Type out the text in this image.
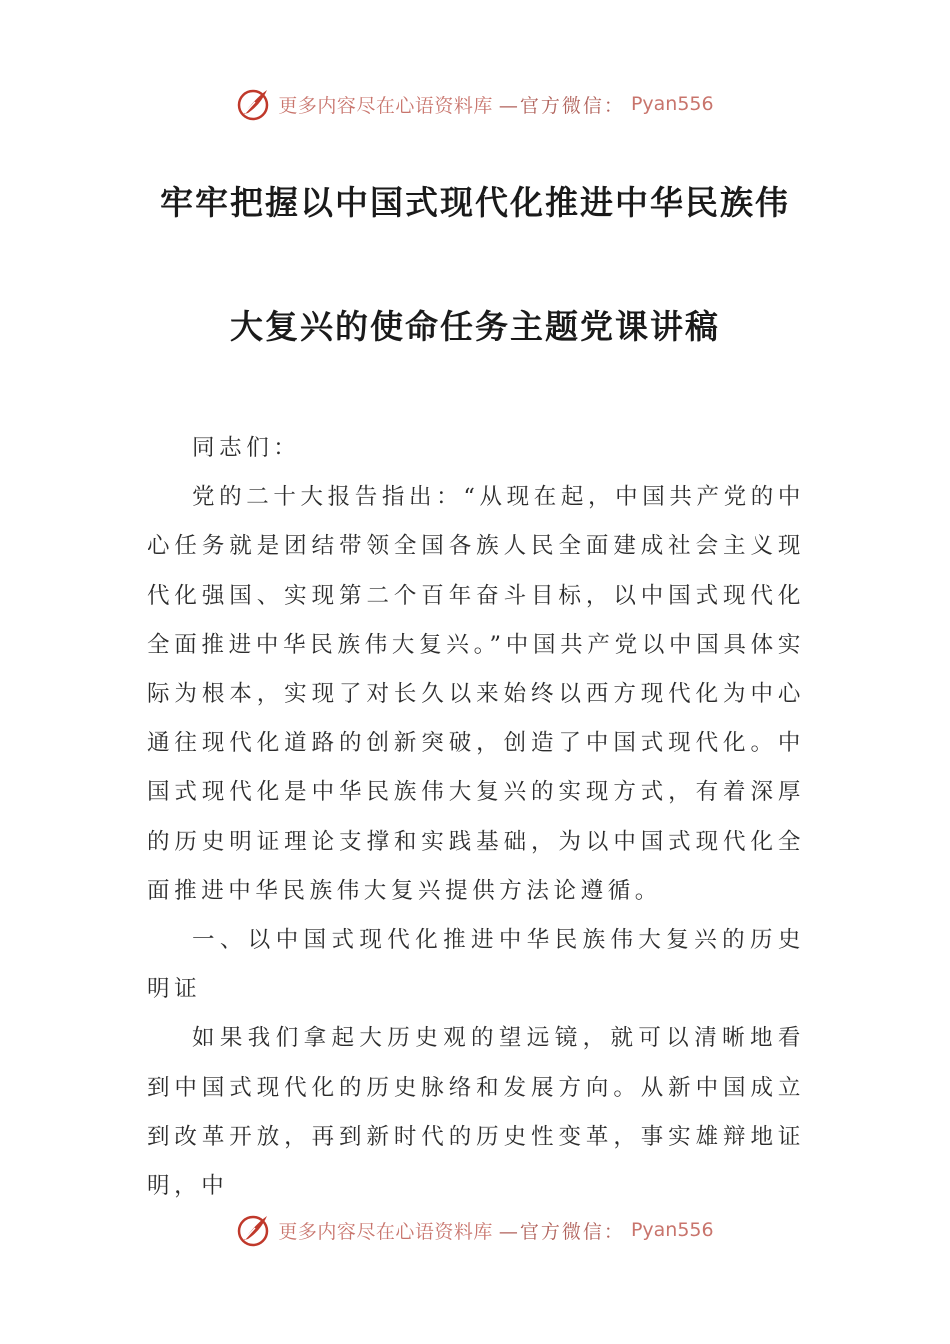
更多内容尽在心语资料库 —官方微信： Pyan556
牢牢把握以中国式现代化推进中华民族伟
大复兴的使命任务主题党课讲稿

同志们：

党的二十大报告指出：“从现在起，中国共产党的中心任务就是团结带领全国各族人民全面建成社会主义现代化强国、实现第二个百年奋斗目标，以中国式现代化全面推进中华民族伟大复兴。”中国共产党以中国具体实际为根本，实现了对长久以来始终以西方现代化为中心通往现代化道路的创新突破，创造了中国式现代化。中国式现代化是中华民族伟大复兴的实现方式，有着深厚的历史明证理论支撑和实践基础，为以中国式现代化全面推进中华民族伟大复兴提供方法论遵循。

一、以中国式现代化推进中华民族伟大复兴的历史明证

如果我们拿起大历史观的望远镜，就可以清晰地看到中国式现代化的历史脉络和发展方向。从新中国成立到改革开放，再到新时代的历史性变革，事实雄辩地证明，中

更多内容尽在心语资料库 —官方微信： Pyan556
